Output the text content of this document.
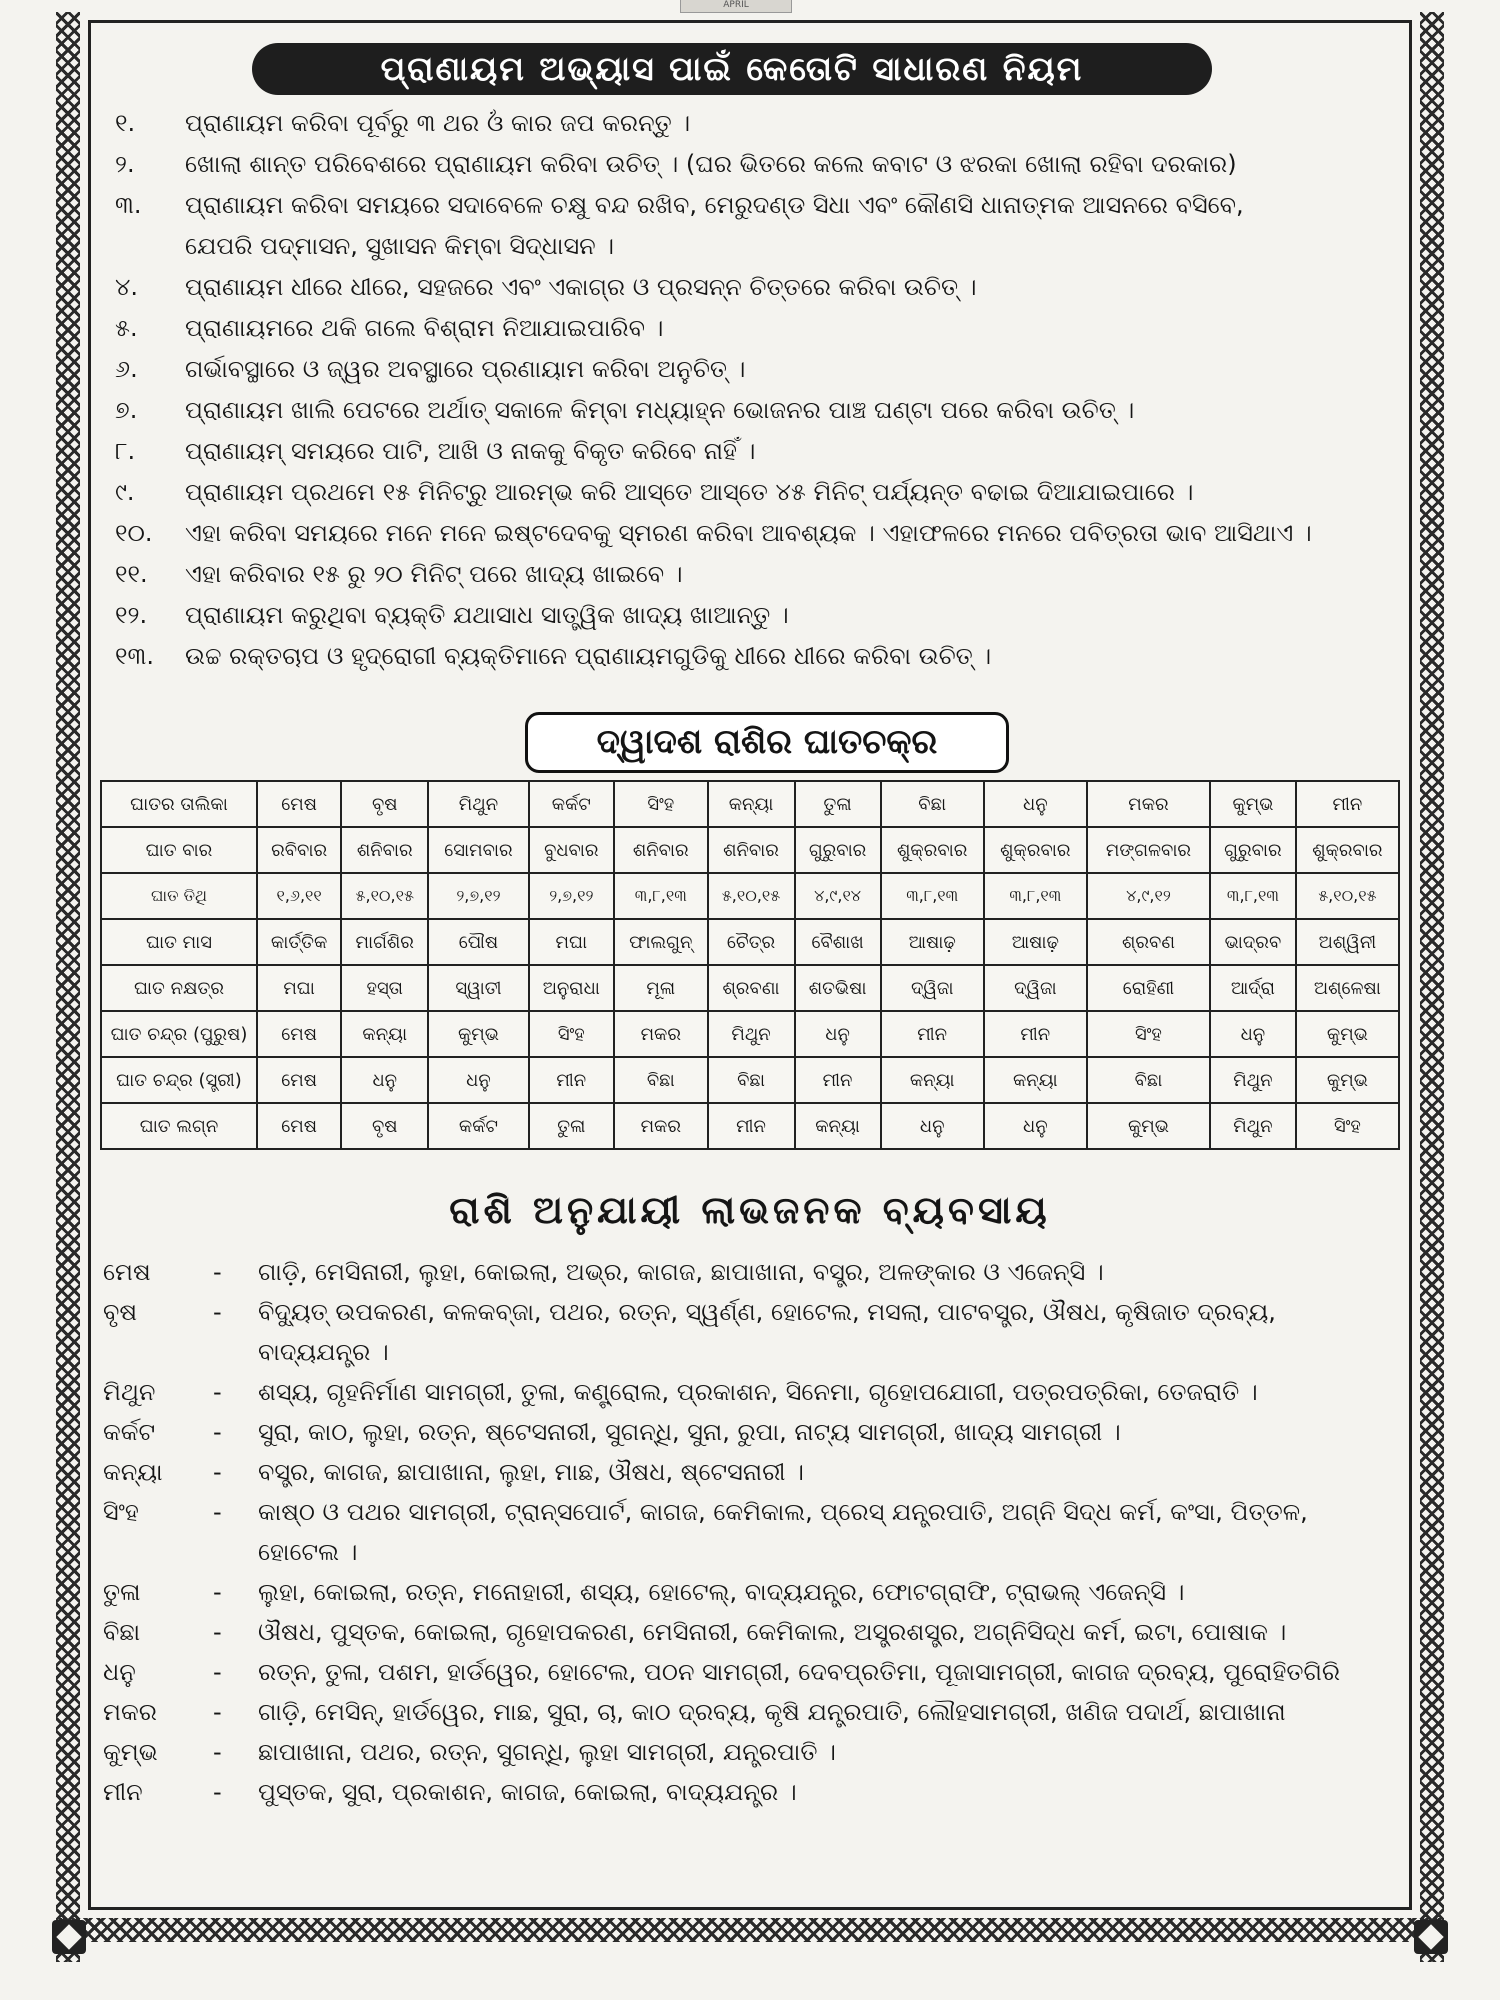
APRIL
ପ୍ରାଣାୟମ ଅଭ୍ୟାସ ପାଇଁ କେତୋଟି ସାଧାରଣ ନିୟମ
୧.	ପ୍ରାଣାୟମ କରିବା ପୂର୍ବରୁ ୩ ଥର ଓଁ କାର ଜପ କରନ୍ତୁ ।
୨.	ଖୋଲା ଶାନ୍ତ ପରିବେଶରେ ପ୍ରାଣାୟମ କରିବା ଉଚିତ୍ । (ଘର ଭିତରେ କଲେ କବାଟ ଓ ଝରକା ଖୋଲା ରହିବା ଦରକାର)
୩.	ପ୍ରାଣାୟମ କରିବା ସମୟରେ ସଦାବେଳେ ଚକ୍ଷୁ ବନ୍ଦ ରଖିବ, ମେରୁଦଣ୍ଡ ସିଧା ଏବଂ କୌଣସି ଧାନାତ୍ମକ ଆସନରେ ବସିବେ,
ଯେପରି ପଦ୍ମାସନ, ସୁଖାସନ କିମ୍ବା ସିଦ୍ଧାସନ ।
୪.	ପ୍ରାଣାୟମ ଧୀରେ ଧୀରେ, ସହଜରେ ଏବଂ ଏକାଗ୍ର ଓ ପ୍ରସନ୍ନ ଚିତ୍ତରେ କରିବା ଉଚିତ୍ ।
୫.	ପ୍ରାଣାୟମରେ ଥକି ଗଲେ ବିଶ୍ରାମ ନିଆଯାଇପାରିବ ।
୬.	ଗର୍ଭାବସ୍ଥାରେ ଓ ଜ୍ୱର ଅବସ୍ଥାରେ ପ୍ରଣାୟାମ କରିବା ଅନୁଚିତ୍ ।
୭.	ପ୍ରାଣାୟମ ଖାଲି ପେଟରେ ଅର୍ଥାତ୍ ସକାଳେ କିମ୍ବା ମଧ୍ୟାହ୍ନ ଭୋଜନର ପାଞ୍ଚ ଘଣ୍ଟା ପରେ କରିବା ଉଚିତ୍ ।
୮.	ପ୍ରାଣାୟମ୍ ସମୟରେ ପାଟି, ଆଖି ଓ ନାକକୁ ବିକୃତ କରିବେ ନାହିଁ ।
୯.	ପ୍ରାଣାୟମ ପ୍ରଥମେ ୧୫ ମିନିଟ୍‌ରୁ ଆରମ୍ଭ କରି ଆସ୍ତେ ଆସ୍ତେ ୪୫ ମିନିଟ୍ ପର୍ଯ୍ୟନ୍ତ ବଢାଇ ଦିଆଯାଇପାରେ ।
୧୦.	ଏହା କରିବା ସମୟରେ ମନେ ମନେ ଇଷ୍ଟଦେବକୁ ସ୍ମରଣ କରିବା ଆବଶ୍ୟକ । ଏହାଫଳରେ ମନରେ ପବିତ୍ରତା ଭାବ ଆସିଥାଏ ।
୧୧.	ଏହା କରିବାର ୧୫ ରୁ ୨୦ ମିନିଟ୍ ପରେ ଖାଦ୍ୟ ଖାଇବେ ।
୧୨.	ପ୍ରାଣାୟମ କରୁଥିବା ବ୍ୟକ୍ତି ଯଥାସାଧ ସାତ୍ତ୍ୱିକ ଖାଦ୍ୟ ଖାଆନ୍ତୁ ।
୧୩.	ଉଚ୍ଚ ରକ୍ତଚାପ ଓ ହୃଦ୍‌ରୋଗୀ ବ୍ୟକ୍ତିମାନେ ପ୍ରାଣାୟମଗୁଡିକୁ ଧୀରେ ଧୀରେ କରିବା ଉଚିତ୍ ।
ଦ୍ୱାଦଶ ରାଶିର ଘାତଚକ୍ର
ଘାତର ତାଲିକା	ମେଷ	ବୃଷ	ମିଥୁନ	କର୍କଟ	ସିଂହ	କନ୍ୟା	ତୁଳା	ବିଛା	ଧନୁ	ମକର	କୁମ୍ଭ	ମୀନ
ଘାତ ବାର	ରବିବାର	ଶନିବାର	ସୋମବାର	ବୁଧବାର	ଶନିବାର	ଶନିବାର	ଗୁରୁବାର	ଶୁକ୍ରବାର	ଶୁକ୍ରବାର	ମଙ୍ଗଳବାର	ଗୁରୁବାର	ଶୁକ୍ରବାର
ଘାତ ତିଥି	୧,୬,୧୧	୫,୧୦,୧୫	୨,୭,୧୨	୨,୭,୧୨	୩,୮,୧୩	୫,୧୦,୧୫	୪,୯,୧୪	୩,୮,୧୩	୩,୮,୧୩	୪,୯,୧୨	୩,୮,୧୩	୫,୧୦,୧୫
ଘାତ ମାସ	କାର୍ତ୍ତିକ	ମାର୍ଗଶିର	ପୌଷ	ମଘା	ଫାଲଗୁନ୍	ଚୈତ୍ର	ବୈଶାଖ	ଆଷାଢ଼	ଆଷାଢ଼	ଶ୍ରବଣ	ଭାଦ୍ରବ	ଅଶ୍ୱିନୀ
ଘାତ ନକ୍ଷତ୍ର	ମଘା	ହସ୍ତା	ସ୍ୱାତୀ	ଅନୁରାଧା	ମୂଳା	ଶ୍ରବଣା	ଶତଭିଷା	ଦ୍ୱିଜା	ଦ୍ୱିଜା	ରୋହିଣୀ	ଆର୍ଦ୍ରା	ଅଶ୍ଳେଷା
ଘାତ ଚନ୍ଦ୍ର (ପୁରୁଷ)	ମେଷ	କନ୍ୟା	କୁମ୍ଭ	ସିଂହ	ମକର	ମିଥୁନ	ଧନୁ	ମୀନ	ମୀନ	ସିଂହ	ଧନୁ	କୁମ୍ଭ
ଘାତ ଚନ୍ଦ୍ର (ସ୍ତ୍ରୀ)	ମେଷ	ଧନୁ	ଧନୁ	ମୀନ	ବିଛା	ବିଛା	ମୀନ	କନ୍ୟା	କନ୍ୟା	ବିଛା	ମିଥୁନ	କୁମ୍ଭ
ଘାତ ଲଗ୍ନ	ମେଷ	ବୃଷ	କର୍କଟ	ତୁଳା	ମକର	ମୀନ	କନ୍ୟା	ଧନୁ	ଧନୁ	କୁମ୍ଭ	ମିଥୁନ	ସିଂହ
ରାଶି ଅନୁଯାୟୀ ଲାଭଜନକ ବ୍ୟବସାୟ
ମେଷ	-	ଗାଡ଼ି, ମେସିନାରୀ, ଲୁହା, କୋଇଲା, ଅଭ୍ର, କାଗଜ, ଛାପାଖାନା, ବସ୍ତ୍ର, ଅଳଙ୍କାର ଓ ଏଜେନ୍‌ସି ।
ବୃଷ	-	ବିଦ୍ୟୁତ୍ ଉପକରଣ, କଳକବ୍‌ଜା, ପଥର, ରତ୍ନ, ସ୍ୱର୍ଣ୍ଣ, ହୋଟେଲ, ମସଲା, ପାଟବସ୍ତ୍ର, ଔଷଧ, କୃଷିଜାତ ଦ୍ରବ୍ୟ,
ବାଦ୍ୟଯନ୍ତ୍ର ।
ମିଥୁନ	-	ଶସ୍ୟ, ଗୃହନିର୍ମାଣ ସାମଗ୍ରୀ, ତୁଳା, କଣ୍ଟ୍ରୋଲ, ପ୍ରକାଶନ, ସିନେମା, ଗୃହୋପଯୋଗୀ, ପତ୍ରପତ୍ରିକା, ତେଜରାତି ।
କର୍କଟ	-	ସୁରା, କାଠ, ଲୁହା, ରତ୍ନ, ଷ୍ଟେସନାରୀ, ସୁଗନ୍ଧି, ସୁନା, ରୁପା, ନାଟ୍ୟ ସାମଗ୍ରୀ, ଖାଦ୍ୟ ସାମଗ୍ରୀ ।
କନ୍ୟା	-	ବସ୍ତ୍ର, କାଗଜ, ଛାପାଖାନା, ଲୁହା, ମାଛ, ଔଷଧ, ଷ୍ଟେସନାରୀ ।
ସିଂହ	-	କାଷ୍ଠ ଓ ପଥର ସାମଗ୍ରୀ, ଟ୍ରାନ୍ସପୋର୍ଟ, କାଗଜ, କେମିକାଲ, ପ୍ରେସ୍ ଯନ୍ତ୍ରପାତି, ଅଗ୍ନି ସିଦ୍ଧ କର୍ମ, କଂସା, ପିତ୍ତଳ,
ହୋଟେଲ ।
ତୁଳା	-	ଲୁହା, କୋଇଲା, ରତ୍ନ, ମନୋହାରୀ, ଶସ୍ୟ, ହୋଟେଲ୍, ବାଦ୍ୟଯନ୍ତ୍ର, ଫୋଟଗ୍ରାଫି, ଟ୍ରାଭଲ୍ ଏଜେନ୍ସି ।
ବିଛା	-	ଔଷଧ, ପୁସ୍ତକ, କୋଇଲା, ଗୃହୋପକରଣ, ମେସିନାରୀ, କେମିକାଲ, ଅସ୍ତ୍ରଶସ୍ତ୍ର, ଅଗ୍ନିସିଦ୍ଧ କର୍ମ, ଇଟା, ପୋଷାକ ।
ଧନୁ	-	ରତ୍ନ, ତୁଳା, ପଶମ, ହାର୍ଡୱେର, ହୋଟେଲ, ପଠନ ସାମଗ୍ରୀ, ଦେବପ୍ରତିମା, ପୂଜାସାମଗ୍ରୀ, କାଗଜ ଦ୍ରବ୍ୟ, ପୁରୋହିତଗିରି
ମକର	-	ଗାଡ଼ି, ମେସିନ୍, ହାର୍ଡୱେର, ମାଛ, ସୁରା, ଚା, କାଠ ଦ୍ରବ୍ୟ, କୃଷି ଯନ୍ତ୍ରପାତି, ଲୌହସାମଗ୍ରୀ, ଖଣିଜ ପଦାର୍ଥ, ଛାପାଖାନା
କୁମ୍ଭ	-	ଛାପାଖାନା, ପଥର, ରତ୍ନ, ସୁଗନ୍ଧି, ଲୁହା ସାମଗ୍ରୀ, ଯନ୍ତ୍ରପାତି ।
ମୀନ	-	ପୁସ୍ତକ, ସୁରା, ପ୍ରକାଶନ, କାଗଜ, କୋଇଲା, ବାଦ୍ୟଯନ୍ତ୍ର ।
